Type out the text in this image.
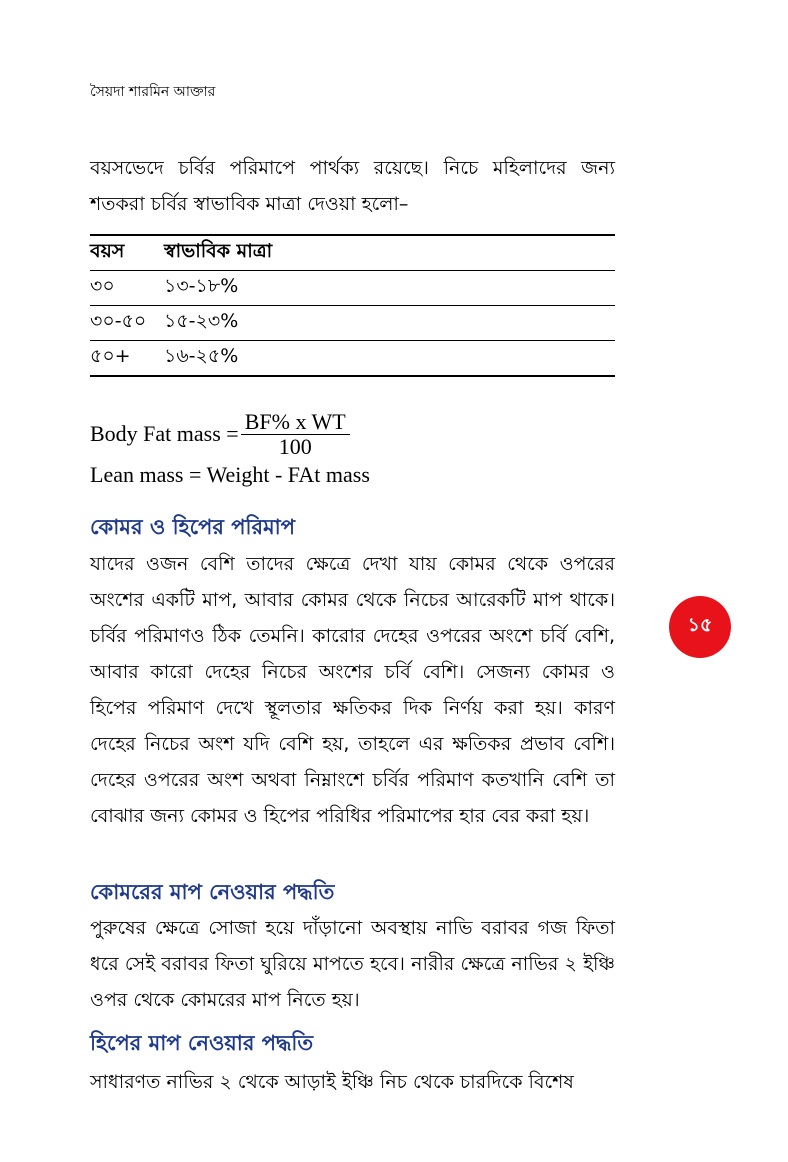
সৈয়দা শারমিন আক্তার
বয়সভেদে চর্বির পরিমাপে পার্থক্য রয়েছে। নিচে মহিলাদের জন্য শতকরা চর্বির স্বাভাবিক মাত্রা দেওয়া হলো–
বয়স	স্বাভাবিক মাত্রা
৩০	১৩-১৮%
৩০-৫০	১৫-২৩%
৫০+	১৬-২৫%
Body Fat mass = $\frac{\text{BF\% x WT}}{100}$
Lean mass = Weight - FAt mass
কোমর ও হিপের পরিমাপ
যাদের ওজন বেশি তাদের ক্ষেত্রে দেখা যায় কোমর থেকে ওপরের অংশের একটি মাপ, আবার কোমর থেকে নিচের আরেকটি মাপ থাকে। চর্বির পরিমাণও ঠিক তেমনি। কারোর দেহের ওপরের অংশে চর্বি বেশি, আবার কারো দেহের নিচের অংশের চর্বি বেশি। সেজন্য কোমর ও হিপের পরিমাণ দেখে স্থূলতার ক্ষতিকর দিক নির্ণয় করা হয়। কারণ দেহের নিচের অংশ যদি বেশি হয়, তাহলে এর ক্ষতিকর প্রভাব বেশি। দেহের ওপরের অংশ অথবা নিম্নাংশে চর্বির পরিমাণ কতখানি বেশি তা বোঝার জন্য কোমর ও হিপের পরিধির পরিমাপের হার বের করা হয়।
কোমরের মাপ নেওয়ার পদ্ধতি
পুরুষের ক্ষেত্রে সোজা হয়ে দাঁড়ানো অবস্থায় নাভি বরাবর গজ ফিতা ধরে সেই বরাবর ফিতা ঘুরিয়ে মাপতে হবে। নারীর ক্ষেত্রে নাভির ২ ইঞ্চি ওপর থেকে কোমরের মাপ নিতে হয়।
হিপের মাপ নেওয়ার পদ্ধতি
সাধারণত নাভির ২ থেকে আড়াই ইঞ্চি নিচ থেকে চারদিকে বিশেষ
১৫
